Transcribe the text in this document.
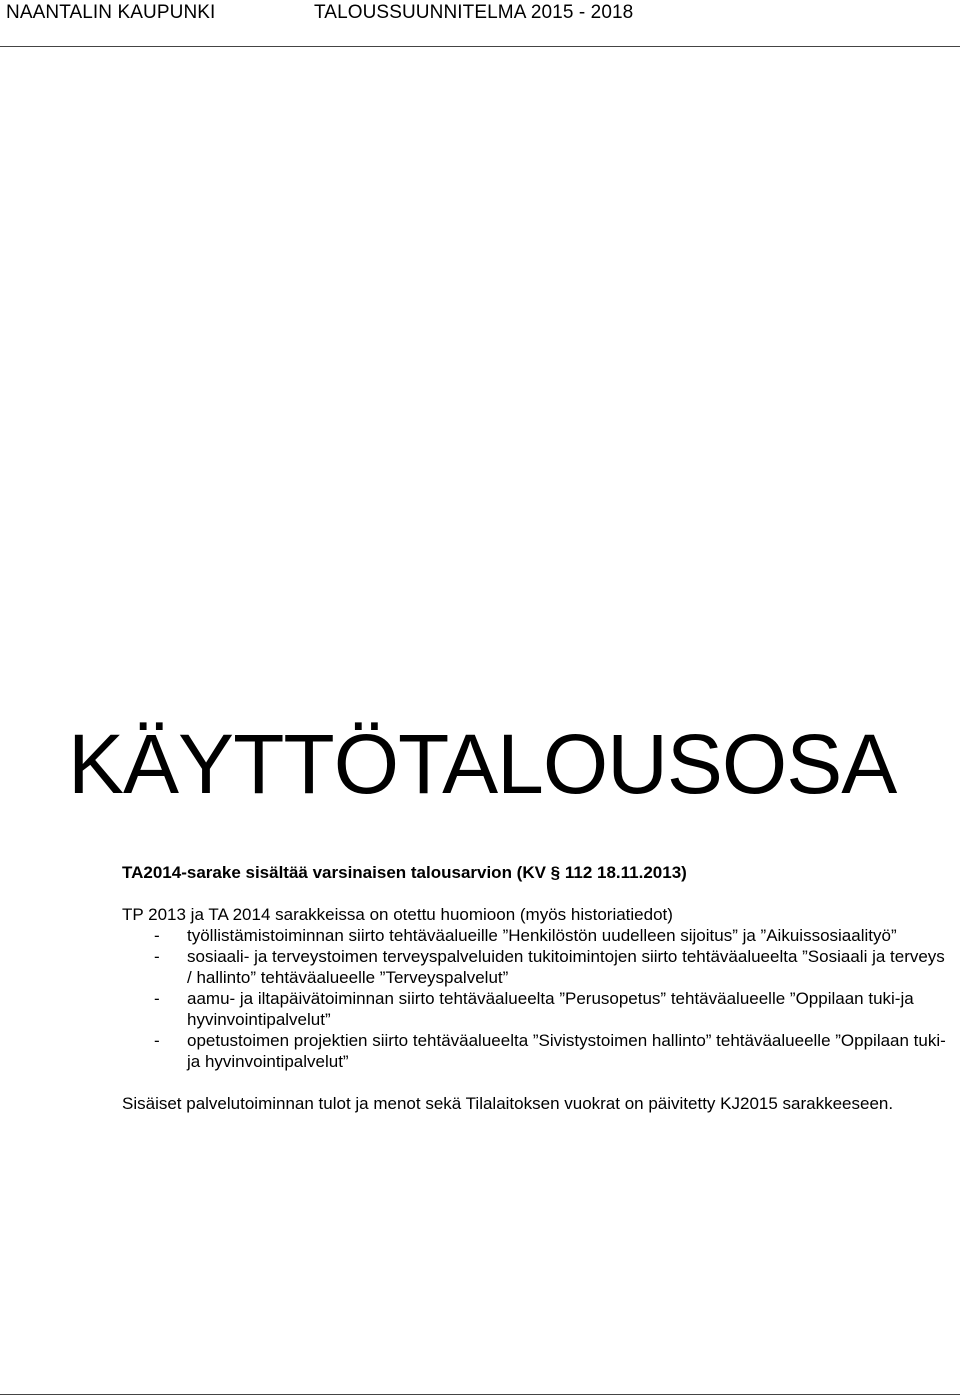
NAANTALIN KAUPUNKI	TALOUSSUUNNITELMA 2015 - 2018
KÄYTTÖTALOUSOSA

TA2014-sarake sisältää varsinaisen talousarvion (KV § 112 18.11.2013)

TP 2013 ja TA 2014 sarakkeissa on otettu huomioon (myös historiatiedot)

- työllistämistoiminnan siirto tehtäväalueille ”Henkilöstön uudelleen sijoitus” ja ”Aikuissosiaalityö”
- sosiaali- ja terveystoimen terveyspalveluiden tukitoimintojen siirto tehtäväalueelta ”Sosiaali ja terveys / hallinto” tehtäväalueelle ”Terveyspalvelut”
- aamu- ja iltapäivätoiminnan siirto tehtäväalueelta ”Perusopetus” tehtäväalueelle ”Oppilaan tuki-ja hyvinvointipalvelut”
- opetustoimen projektien siirto tehtäväalueelta ”Sivistystoimen hallinto” tehtäväalueelle ”Oppilaan tuki-ja hyvinvointipalvelut”

Sisäiset palvelutoiminnan tulot ja menot sekä Tilalaitoksen vuokrat on päivitetty KJ2015 sarakkeeseen.
